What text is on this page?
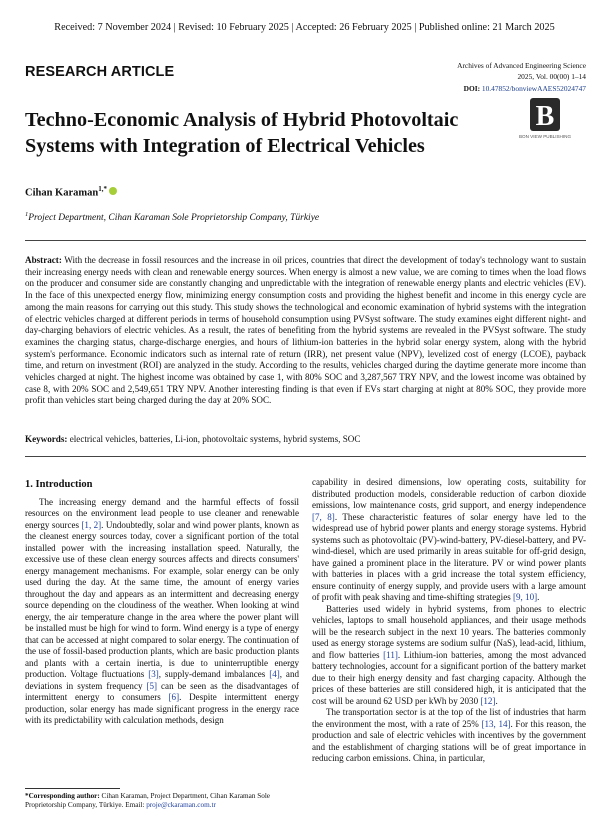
Received: 7 November 2024 | Revised: 10 February 2025 | Accepted: 26 February 2025 | Published online: 21 March 2025
RESEARCH ARTICLE	Archives of Advanced Engineering Science
2025, Vol. 00(00) 1–14
DOI: 10.47852/bonviewAAES52024747
B
BON VIEW PUBLISHING
Techno-Economic Analysis of Hybrid Photovoltaic
Systems with Integration of Electrical Vehicles
Cihan Karaman$^{1,*}$
$^1$Project Department, Cihan Karaman Sole Proprietorship Company, Türkiye
Abstract: With the decrease in fossil resources and the increase in oil prices, countries that direct the development of today's technology want to sustain their increasing energy needs with clean and renewable energy sources. When energy is almost a new value, we are coming to times when the load flows on the producer and consumer side are constantly changing and unpredictable with the integration of renewable energy plants and electric vehicles (EV). In the face of this unexpected energy flow, minimizing energy consumption costs and providing the highest benefit and income in this energy cycle are among the main reasons for carrying out this study. This study shows the technological and economic examination of hybrid systems with the integration of electric vehicles charged at different periods in terms of household consumption using PVSyst software. The study examines eight different night- and day-charging behaviors of electric vehicles. As a result, the rates of benefiting from the hybrid systems are revealed in the PVSyst software. The study examines the charging status, charge-discharge energies, and hours of lithium-ion batteries in the hybrid solar energy system, along with the hybrid system's performance. Economic indicators such as internal rate of return (IRR), net present value (NPV), levelized cost of energy (LCOE), payback time, and return on investment (ROI) are analyzed in the study. According to the results, vehicles charged during the daytime generate more income than vehicles charged at night. The highest income was obtained by case 1, with 80% SOC and 3,287,567 TRY NPV, and the lowest income was obtained by case 8, with 20% SOC and 2,549,651 TRY NPV. Another interesting finding is that even if EVs start charging at night at 80% SOC, they provide more profit than vehicles start being charged during the day at 20% SOC.
Keywords: electrical vehicles, batteries, Li-ion, photovoltaic systems, hybrid systems, SOC

1. Introduction

The increasing energy demand and the harmful effects of fossil resources on the environment lead people to use cleaner and renewable energy sources [1, 2]. Undoubtedly, solar and wind power plants, known as the cleanest energy sources today, cover a significant portion of the total installed power with the increasing installation speed. Naturally, the excessive use of these clean energy sources affects and directs consumers' energy management mechanisms. For example, solar energy can be only used during the day. At the same time, the amount of energy varies throughout the day and appears as an intermittent and decreasing energy source depending on the cloudiness of the weather. When looking at wind energy, the air temperature change in the area where the power plant will be installed must be high for wind to form. Wind energy is a type of energy that can be accessed at night compared to solar energy. The continuation of the use of fossil-based production plants, which are basic production plants and plants with a certain inertia, is due to uninterruptible energy production. Voltage fluctuations [3], supply-demand imbalances [4], and deviations in system frequency [5] can be seen as the disadvantages of intermittent energy to consumers [6]. Despite intermittent energy production, solar energy has made significant progress in the energy race with its predictability with calculation methods, design

capability in desired dimensions, low operating costs, suitability for distributed production models, considerable reduction of carbon dioxide emissions, low maintenance costs, grid support, and energy independence [7, 8]. These characteristic features of solar energy have led to the widespread use of hybrid power plants and energy storage systems. Hybrid systems such as photovoltaic (PV)-wind-battery, PV-diesel-battery, and PV-wind-diesel, which are used primarily in areas suitable for off-grid design, have gained a prominent place in the literature. PV or wind power plants with batteries in places with a grid increase the total system efficiency, ensure continuity of energy supply, and provide users with a large amount of profit with peak shaving and time-shifting strategies [9, 10].

Batteries used widely in hybrid systems, from phones to electric vehicles, laptops to small household appliances, and their usage methods will be the research subject in the next 10 years. The batteries commonly used as energy storage systems are sodium sulfur (NaS), lead-acid, lithium, and flow batteries [11]. Lithium-ion batteries, among the most advanced battery technologies, account for a significant portion of the battery market due to their high energy density and fast charging capacity. Although the prices of these batteries are still considered high, it is anticipated that the cost will be around 62 USD per kWh by 2030 [12].

The transportation sector is at the top of the list of industries that harm the environment the most, with a rate of 25% [13, 14]. For this reason, the production and sale of electric vehicles with incentives by the government and the establishment of charging stations will be of great importance in reducing carbon emissions. China, in particular,

*Corresponding author: Cihan Karaman, Project Department, Cihan Karaman Sole Proprietorship Company, Türkiye. Email: proje@ckaraman.com.tr
